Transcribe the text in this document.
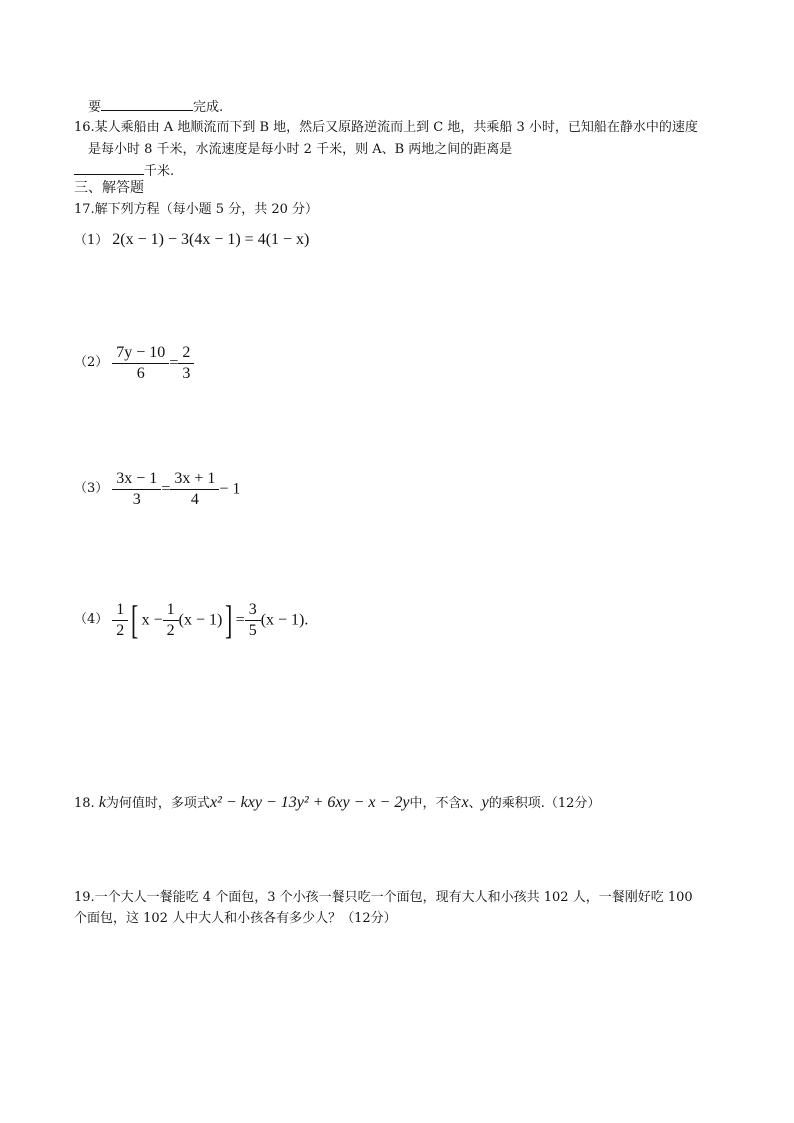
要	完成.
16.某人乘船由 A 地顺流而下到 B 地，然后又原路逆流而上到 C 地，共乘船 3 小时，已知船在静水中的速度
是每小时 8 千米，水流速度是每小时 2 千米，则 A、B 两地之间的距离是
千米.
三、解答题
17.解下列方程（每小题 5 分，共 20 分）
（1） 2(x − 1) − 3(4x − 1) = 4(1 − x)
$(2) \frac{7y - 10}{6} = \frac{2}{3}$
$(3) \frac{3x - 1}{3} = \frac{3x + 1}{4} - 1$
$(4) \frac{1}{2}$ [ $x - \frac{1}{2} (x - 1)] = \frac{3}{5} (x - 1)$.
18. k为何值时，多项式x² − kxy − 13y² + 6xy − x − 2y中，不含x、y的乘积项.（12分）
19.一个大人一餐能吃 4 个面包，3 个小孩一餐只吃一个面包，现有大人和小孩共 102 人，一餐刚好吃 100
个面包，这 102 人中大人和小孩各有多少人？（12分）
